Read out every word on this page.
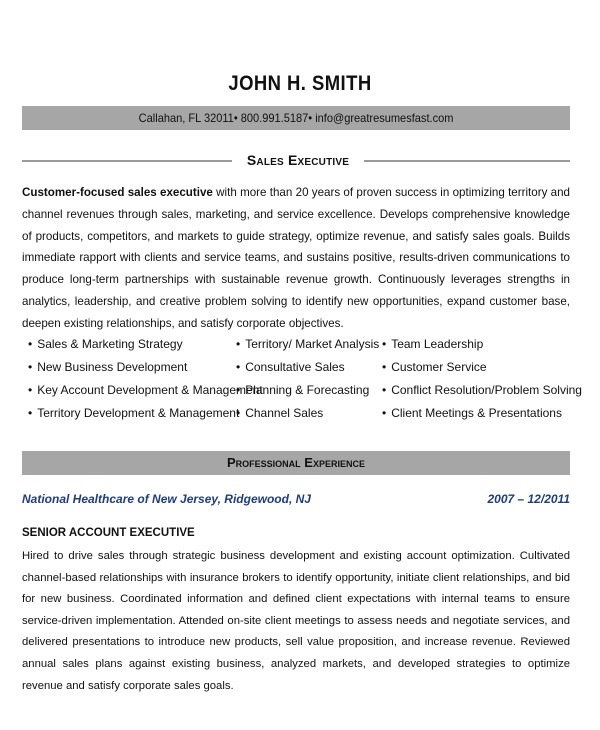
JOHN H. SMITH
Callahan, FL 32011• 800.991.5187• info@greatresumesfast.com
Sales Executive
Customer-focused sales executive with more than 20 years of proven success in optimizing territory and channel revenues through sales, marketing, and service excellence. Develops comprehensive knowledge of products, competitors, and markets to guide strategy, optimize revenue, and satisfy sales goals. Builds immediate rapport with clients and service teams, and sustains positive, results-driven communications to produce long-term partnerships with sustainable revenue growth. Continuously leverages strengths in analytics, leadership, and creative problem solving to identify new opportunities, expand customer base, deepen existing relationships, and satisfy corporate objectives.
• Sales & Marketing Strategy
• New Business Development
• Key Account Development & Management
• Territory Development & Management
• Territory/ Market Analysis
• Consultative Sales
• Planning & Forecasting
• Channel Sales
• Team Leadership
• Customer Service
• Conflict Resolution/Problem Solving
• Client Meetings & Presentations
Professional Experience
National Healthcare of New Jersey, Ridgewood, NJ	2007 – 12/2011
SENIOR ACCOUNT EXECUTIVE
Hired to drive sales through strategic business development and existing account optimization. Cultivated channel-based relationships with insurance brokers to identify opportunity, initiate client relationships, and bid for new business. Coordinated information and defined client expectations with internal teams to ensure service-driven implementation. Attended on-site client meetings to assess needs and negotiate services, and delivered presentations to introduce new products, sell value proposition, and increase revenue. Reviewed annual sales plans against existing business, analyzed markets, and developed strategies to optimize revenue and satisfy corporate sales goals.
